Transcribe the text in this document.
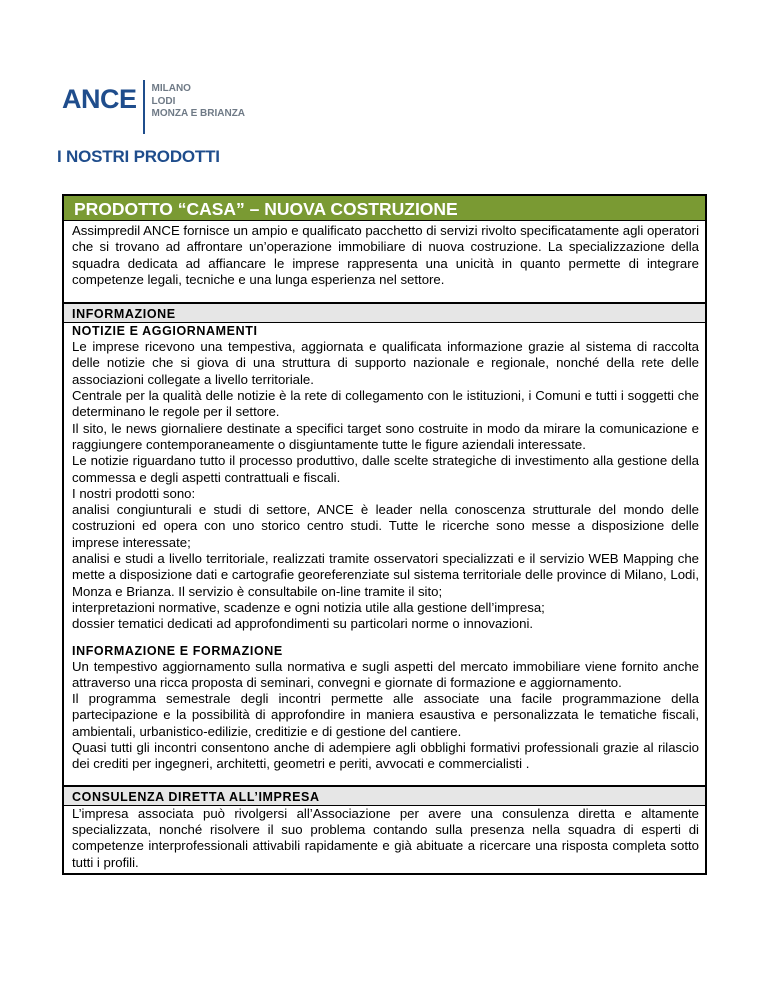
ANCE MILANO
LODI
MONZA E BRIANZA
I NOSTRI PRODOTTI
PRODOTTO “CASA” – NUOVA COSTRUZIONE

Assimpredil ANCE fornisce un ampio e qualificato pacchetto di servizi rivolto specificatamente agli operatori che si trovano ad affrontare un’operazione immobiliare di nuova costruzione. La specializzazione della squadra dedicata ad affiancare le imprese rappresenta una unicità in quanto permette di integrare competenze legali, tecniche e una lunga esperienza nel settore.

INFORMAZIONE
NOTIZIE E AGGIORNAMENTI

Le imprese ricevono una tempestiva, aggiornata e qualificata informazione grazie al sistema di raccolta delle notizie che si giova di una struttura di supporto nazionale e regionale, nonché della rete delle associazioni collegate a livello territoriale.

Centrale per la qualità delle notizie è la rete di collegamento con le istituzioni, i Comuni e tutti i soggetti che determinano le regole per il settore.

Il sito, le news giornaliere destinate a specifici target sono costruite in modo da mirare la comunicazione e raggiungere contemporaneamente o disgiuntamente tutte le figure aziendali interessate.

Le notizie riguardano tutto il processo produttivo, dalle scelte strategiche di investimento alla gestione della commessa e degli aspetti contrattuali e fiscali.

I nostri prodotti sono:

analisi congiunturali e studi di settore, ANCE è leader nella conoscenza strutturale del mondo delle costruzioni ed opera con uno storico centro studi. Tutte le ricerche sono messe a disposizione delle imprese interessate;

analisi e studi a livello territoriale, realizzati tramite osservatori specializzati e il servizio WEB Mapping che mette a disposizione dati e cartografie georeferenziate sul sistema territoriale delle province di Milano, Lodi, Monza e Brianza. Il servizio è consultabile on-line tramite il sito;

interpretazioni normative, scadenze e ogni notizia utile alla gestione dell’impresa;

dossier tematici dedicati ad approfondimenti su particolari norme o innovazioni.

INFORMAZIONE E FORMAZIONE

Un tempestivo aggiornamento sulla normativa e sugli aspetti del mercato immobiliare viene fornito anche attraverso una ricca proposta di seminari, convegni e giornate di formazione e aggiornamento.

Il programma semestrale degli incontri permette alle associate una facile programmazione della partecipazione e la possibilità di approfondire in maniera esaustiva e personalizzata le tematiche fiscali, ambientali, urbanistico-edilizie, creditizie e di gestione del cantiere.

Quasi tutti gli incontri consentono anche di adempiere agli obblighi formativi professionali grazie al rilascio dei crediti per ingegneri, architetti, geometri e periti, avvocati e commercialisti .

CONSULENZA DIRETTA ALL’IMPRESA

L’impresa associata può rivolgersi all’Associazione per avere una consulenza diretta e altamente specializzata, nonché risolvere il suo problema contando sulla presenza nella squadra di esperti di competenze interprofessionali attivabili rapidamente e già abituate a ricercare una risposta completa sotto tutti i profili.
